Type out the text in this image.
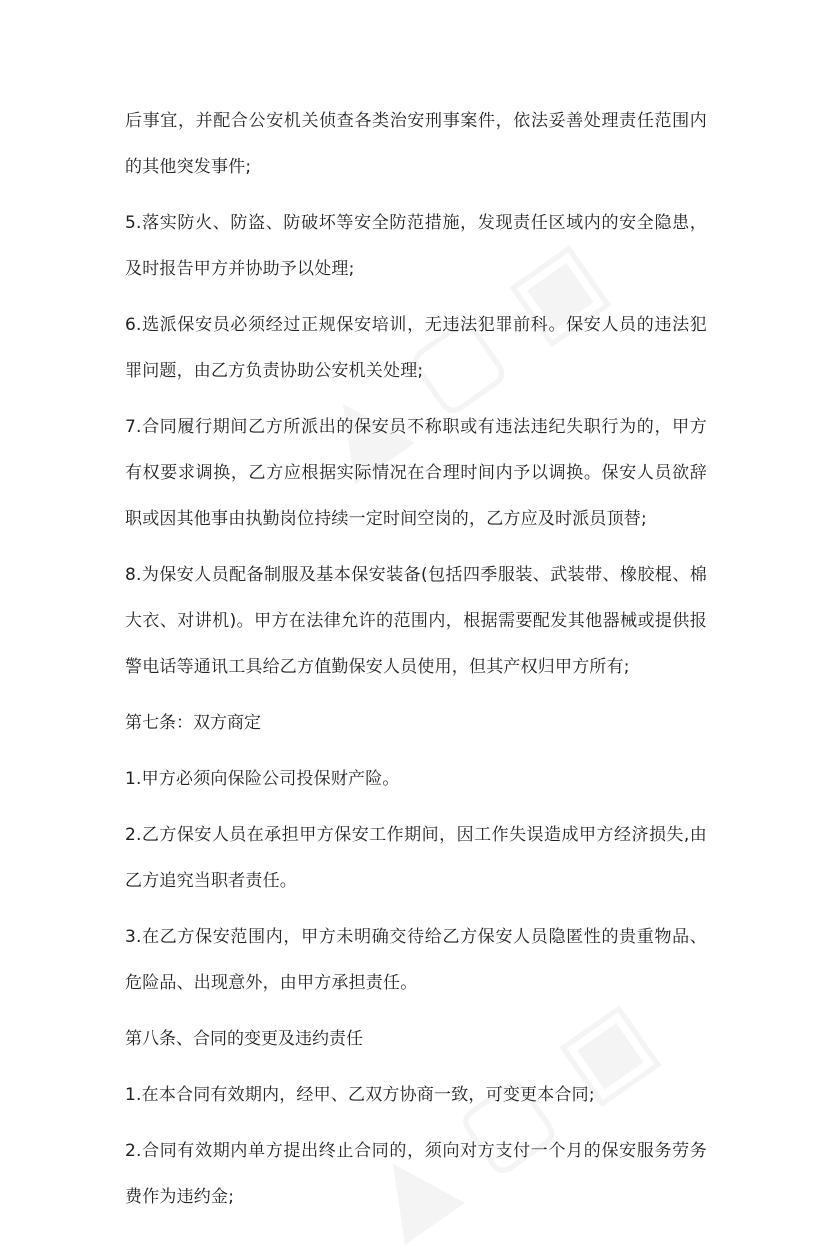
后事宜，并配合公安机关侦查各类治安刑事案件，依法妥善处理责任范围内的其他突发事件;

5.落实防火、防盗、防破坏等安全防范措施，发现责任区域内的安全隐患，及时报告甲方并协助予以处理;

6.选派保安员必须经过正规保安培训，无违法犯罪前科。保安人员的违法犯罪问题，由乙方负责协助公安机关处理;

7.合同履行期间乙方所派出的保安员不称职或有违法违纪失职行为的，甲方有权要求调换，乙方应根据实际情况在合理时间内予以调换。保安人员欲辞职或因其他事由执勤岗位持续一定时间空岗的，乙方应及时派员顶替;

8.为保安人员配备制服及基本保安装备(包括四季服装、武装带、橡胶棍、棉大衣、对讲机)。甲方在法律允许的范围内，根据需要配发其他器械或提供报警电话等通讯工具给乙方值勤保安人员使用，但其产权归甲方所有;

第七条：双方商定

1.甲方必须向保险公司投保财产险。

2.乙方保安人员在承担甲方保安工作期间，因工作失误造成甲方经济损失,由乙方追究当职者责任。

3.在乙方保安范围内，甲方未明确交待给乙方保安人员隐匿性的贵重物品、危险品、出现意外，由甲方承担责任。

第八条、合同的变更及违约责任

1.在本合同有效期内，经甲、乙双方协商一致，可变更本合同;

2.合同有效期内单方提出终止合同的，须向对方支付一个月的保安服务劳务费作为违约金;
